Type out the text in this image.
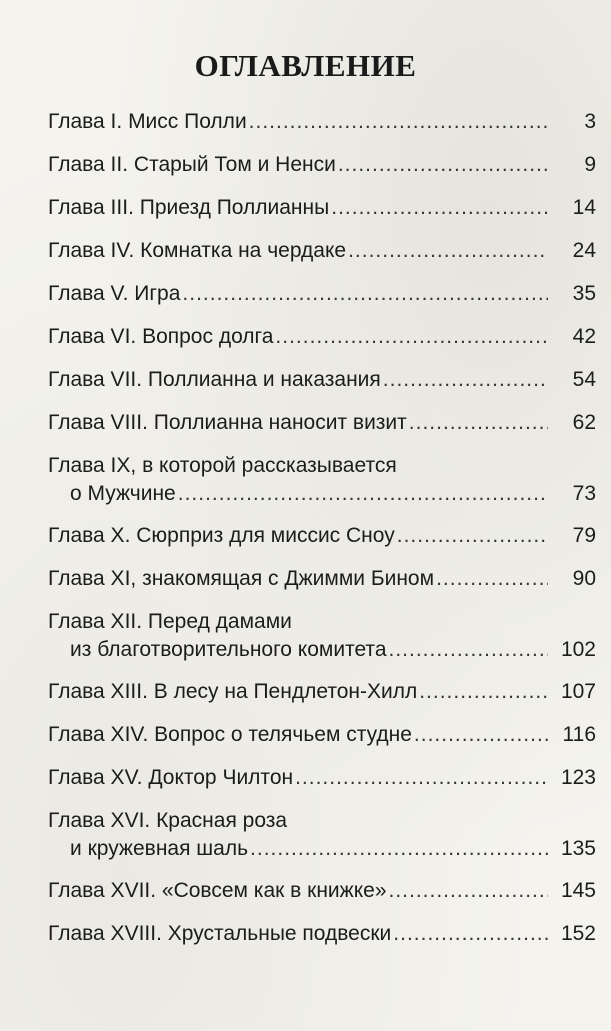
ОГЛАВЛЕНИЕ
Глава I. Мисс Полли .....	3
Глава II. Старый Том и Ненси .....	9
Глава III. Приезд Поллианны .....	14
Глава IV. Комнатка на чердаке .....	24
Глава V. Игра .....	35
Глава VI. Вопрос долга .....	42
Глава VII. Поллианна и наказания .....	54
Глава VIII. Поллианна наносит визит .....	62
Глава IX, в которой рассказывается
о Мужчине .....	73
Глава X. Сюрприз для миссис Сноу .....	79
Глава XI, знакомящая с Джимми Бином .....	90
Глава XII. Перед дамами
из благотворительного комитета .....	102
Глава XIII. В лесу на Пендлетон-Хилл .....	107
Глава XIV. Вопрос о телячьем студне .....	116
Глава XV. Доктор Чилтон .....	123
Глава XVI. Красная роза
и кружевная шаль .....	135
Глава XVII. «Совсем как в книжке» .....	145
Глава XVIII. Хрустальные подвески .....	152
